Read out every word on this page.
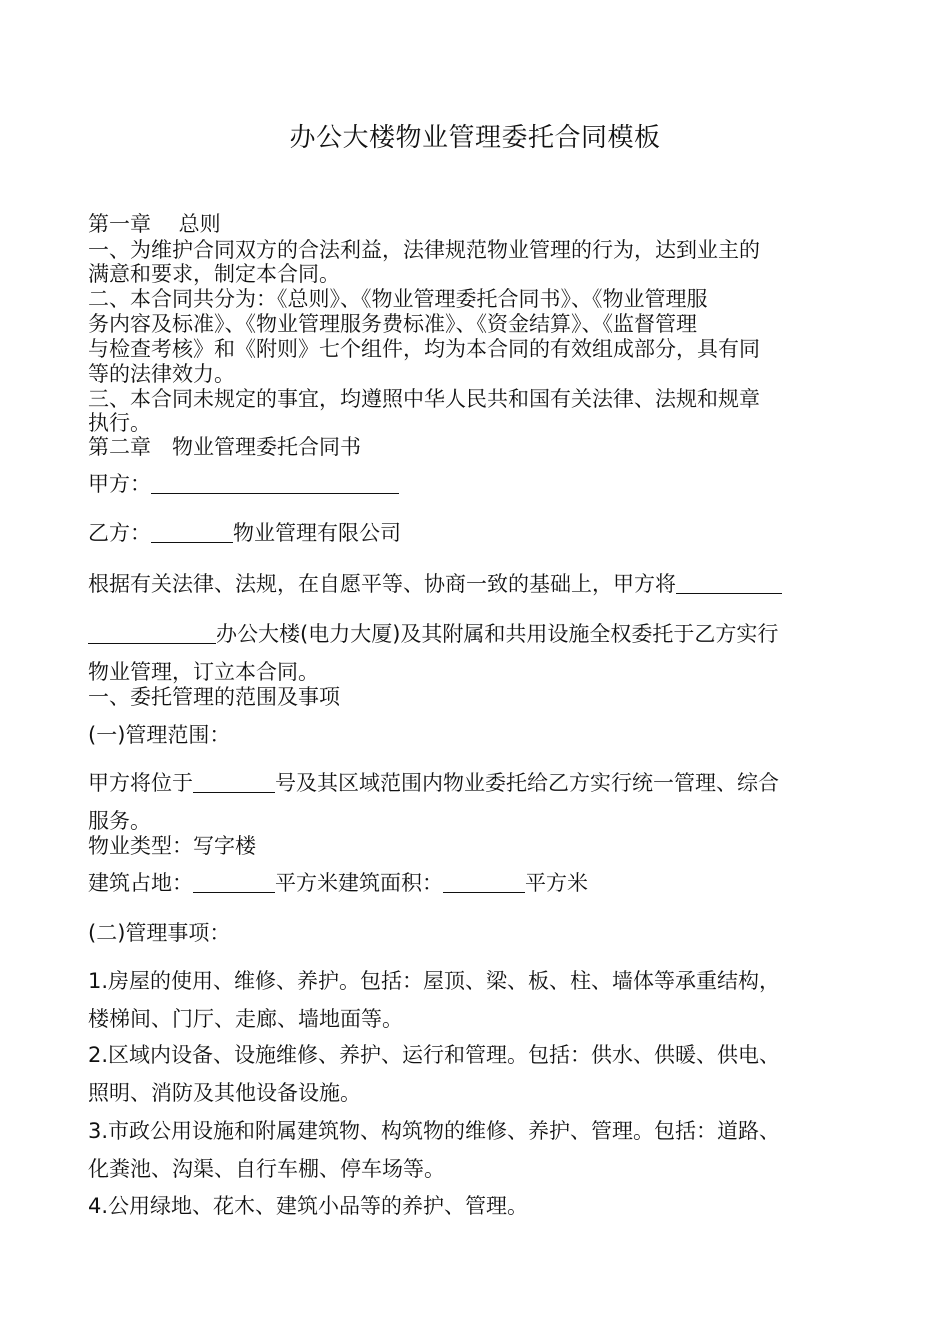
办公大楼物业管理委托合同模板
第一章　 总则
一、为维护合同双方的合法利益，法律规范物业管理的行为，达到业主的
满意和要求，制定本合同。
二、本合同共分为：《总则》、《物业管理委托合同书》、《物业管理服
务内容及标准》、《物业管理服务费标准》、《资金结算》、《监督管理
与检查考核》和《附则》七个组件，均为本合同的有效组成部分，具有同
等的法律效力。
三、本合同未规定的事宜，均遵照中华人民共和国有关法律、法规和规章
执行。
第二章　物业管理委托合同书
甲方：
乙方：	物业管理有限公司
根据有关法律、法规，在自愿平等、协商一致的基础上，甲方将
办公大楼(电力大厦)及其附属和共用设施全权委托于乙方实行
物业管理，订立本合同。
一、委托管理的范围及事项
(一)管理范围：
甲方将位于	号及其区域范围内物业委托给乙方实行统一管理、综合
服务。
物业类型：写字楼
建筑占地：	平方米建筑面积：	平方米
(二)管理事项：
1.房屋的使用、维修、养护。包括：屋顶、梁、板、柱、墙体等承重结构，
楼梯间、门厅、走廊、墙地面等。
2.区域内设备、设施维修、养护、运行和管理。包括：供水、供暖、供电、
照明、消防及其他设备设施。
3.市政公用设施和附属建筑物、构筑物的维修、养护、管理。包括：道路、
化粪池、沟渠、自行车棚、停车场等。
4.公用绿地、花木、建筑小品等的养护、管理。
